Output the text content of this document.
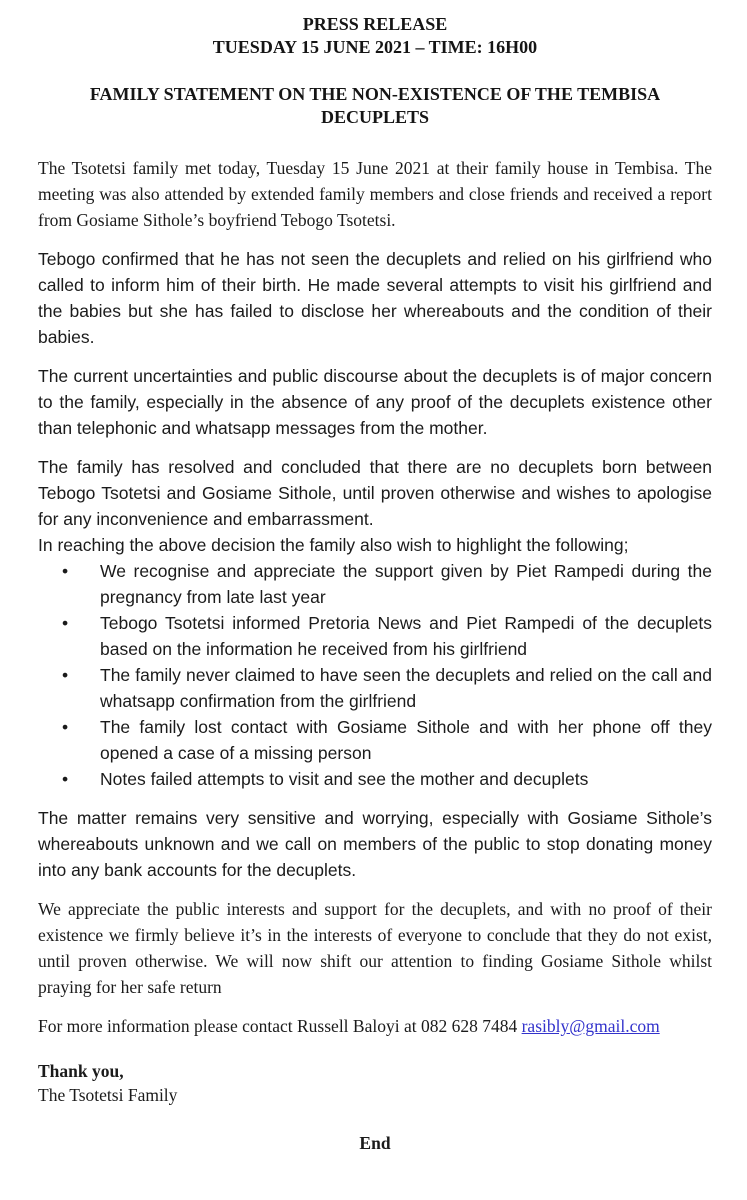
PRESS RELEASE
TUESDAY 15 JUNE 2021 – TIME: 16H00
FAMILY STATEMENT ON THE NON-EXISTENCE OF THE TEMBISA DECUPLETS

The Tsotetsi family met today, Tuesday 15 June 2021 at their family house in Tembisa. The meeting was also attended by extended family members and close friends and received a report from Gosiame Sithole’s boyfriend Tebogo Tsotetsi.

Tebogo confirmed that he has not seen the decuplets and relied on his girlfriend who called to inform him of their birth. He made several attempts to visit his girlfriend and the babies but she has failed to disclose her whereabouts and the condition of their babies.

The current uncertainties and public discourse about the decuplets is of major concern to the family, especially in the absence of any proof of the decuplets existence other than telephonic and whatsapp messages from the mother.

The family has resolved and concluded that there are no decuplets born between Tebogo Tsotetsi and Gosiame Sithole, until proven otherwise and wishes to apologise for any inconvenience and embarrassment.

In reaching the above decision the family also wish to highlight the following;

• We recognise and appreciate the support given by Piet Rampedi during the pregnancy from late last year
• Tebogo Tsotetsi informed Pretoria News and Piet Rampedi of the decuplets based on the information he received from his girlfriend
• The family never claimed to have seen the decuplets and relied on the call and whatsapp confirmation from the girlfriend
• The family lost contact with Gosiame Sithole and with her phone off they opened a case of a missing person
• Notes failed attempts to visit and see the mother and decuplets

The matter remains very sensitive and worrying, especially with Gosiame Sithole’s whereabouts unknown and we call on members of the public to stop donating money into any bank accounts for the decuplets.

We appreciate the public interests and support for the decuplets, and with no proof of their existence we firmly believe it’s in the interests of everyone to conclude that they do not exist, until proven otherwise. We will now shift our attention to finding Gosiame Sithole whilst praying for her safe return

For more information please contact Russell Baloyi at 082 628 7484 rasibly@gmail.com

Thank you,
The Tsotetsi Family
End
